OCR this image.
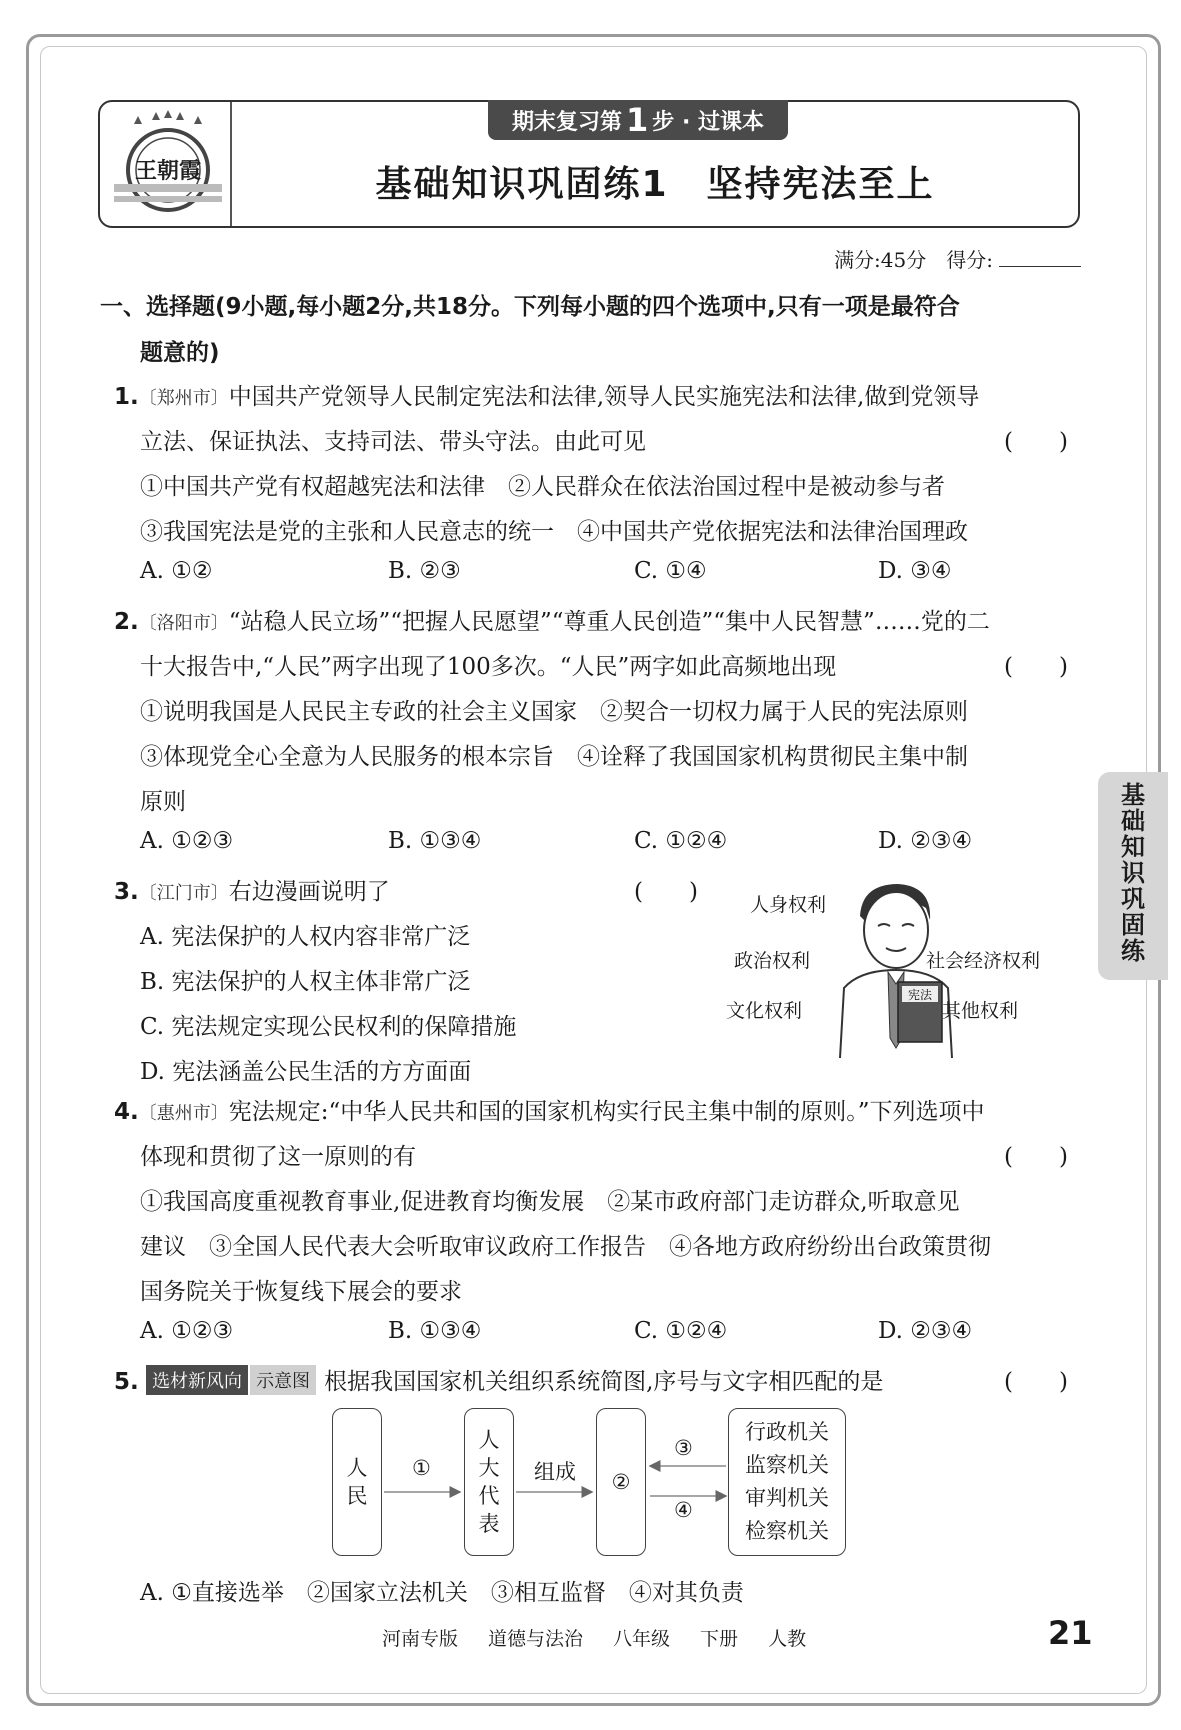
王朝霞
期末复习第 1 步 · 过课本
基础知识巩固练1　坚持宪法至上
满分:45分　得分:
基
础
知
识
巩
固
练
一、选择题(9小题,每小题2分,共18分。下列每小题的四个选项中,只有一项是最符合
题意的)
1.〔郑州市〕中国共产党领导人民制定宪法和法律,领导人民实施宪法和法律,做到党领导
立法、保证执法、支持司法、带头守法。由此可见	(　　)
①中国共产党有权超越宪法和法律　②人民群众在依法治国过程中是被动参与者
③我国宪法是党的主张和人民意志的统一　④中国共产党依据宪法和法律治国理政
A. ①②	B. ②③	C. ①④	D. ③④
2.〔洛阳市〕“站稳人民立场”“把握人民愿望”“尊重人民创造”“集中人民智慧”……党的二
十大报告中,“人民”两字出现了100多次。“人民”两字如此高频地出现	(　　)
①说明我国是人民民主专政的社会主义国家　②契合一切权力属于人民的宪法原则
③体现党全心全意为人民服务的根本宗旨　④诠释了我国国家机构贯彻民主集中制
原则
A. ①②③	B. ①③④	C. ①②④	D. ②③④
3.〔江门市〕右边漫画说明了	(　　)
A. 宪法保护的人权内容非常广泛
B. 宪法保护的人权主体非常广泛
C. 宪法规定实现公民权利的保障措施
D. 宪法涵盖公民生活的方方面面
宪法
人身权利
政治权利	社会经济权利
文化权利	其他权利
4.〔惠州市〕宪法规定:“中华人民共和国的国家机构实行民主集中制的原则。”下列选项中
体现和贯彻了这一原则的有	(　　)
①我国高度重视教育事业,促进教育均衡发展　②某市政府部门走访群众,听取意见
建议　③全国人民代表大会听取审议政府工作报告　④各地方政府纷纷出台政策贯彻
国务院关于恢复线下展会的要求
A. ①②③	B. ①③④	C. ①②④	D. ②③④
5. 选材新风向 示意图 根据我国国家机关组织系统简图,序号与文字相匹配的是	(　　)
人
民
①
人
大
代
表
组成 ②
③
④
行政机关
监察机关
审判机关
检察机关
A. ①直接选举　②国家立法机关　③相互监督　④对其负责
河南专版 道德与法治 八年级 下册 人教	21
